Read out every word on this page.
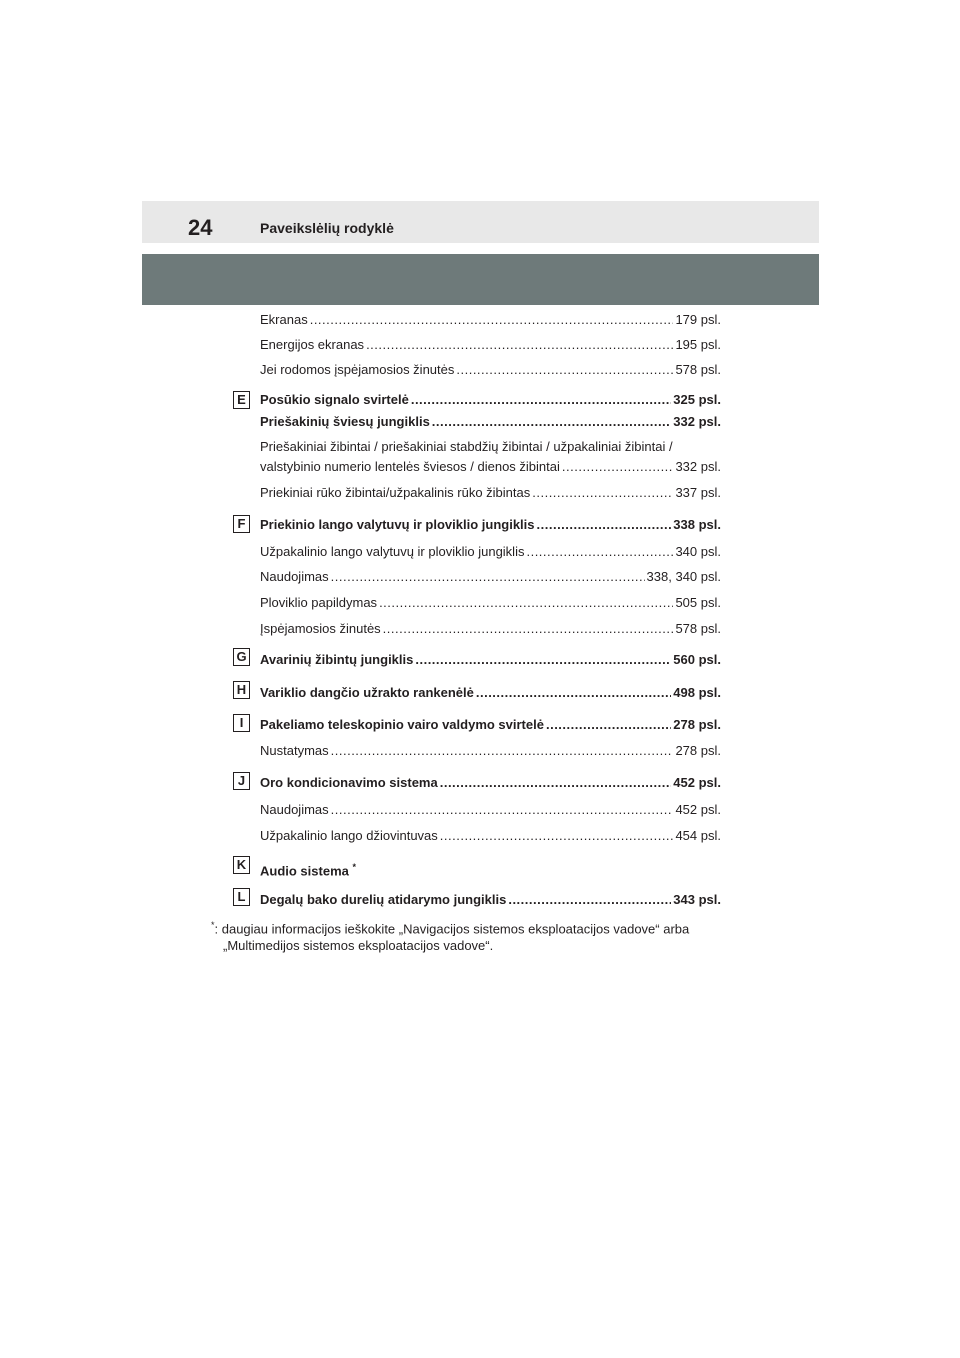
24	Paveikslėlių rodyklė
Ekranas .....	179 psl.
Energijos ekranas .....	195 psl.
Jei rodomos įspėjamosios žinutės .....	578 psl.
E	Posūkio signalo svirtelė .....	325 psl.
Priešakinių šviesų jungiklis .....	332 psl.
Priešakiniai žibintai / priešakiniai stabdžių žibintai / užpakaliniai žibintai /
valstybinio numerio lentelės šviesos / dienos žibintai .....	332 psl.
Priekiniai rūko žibintai/užpakalinis rūko žibintas .....	337 psl.
F	Priekinio lango valytuvų ir ploviklio jungiklis .....	338 psl.
Užpakalinio lango valytuvų ir ploviklio jungiklis .....	340 psl.
Naudojimas .....	338, 340 psl.
Ploviklio papildymas .....	505 psl.
Įspėjamosios žinutės .....	578 psl.
G Avarinių žibintų jungiklis .....	560 psl.
H Variklio dangčio užrakto rankenėlė .....	498 psl.
I	Pakeliamo teleskopinio vairo valdymo svirtelė .....	278 psl.
Nustatymas .....	278 psl.
J	Oro kondicionavimo sistema .....	452 psl.
Naudojimas .....	452 psl.
Užpakalinio lango džiovintuvas .....	454 psl.
K Audio sistema *
L	Degalų bako durelių atidarymo jungiklis .....	343 psl.
*: daugiau informacijos ieškokite „Navigacijos sistemos eksploatacijos vadove“ arba
„Multimedijos sistemos eksploatacijos vadove“.
